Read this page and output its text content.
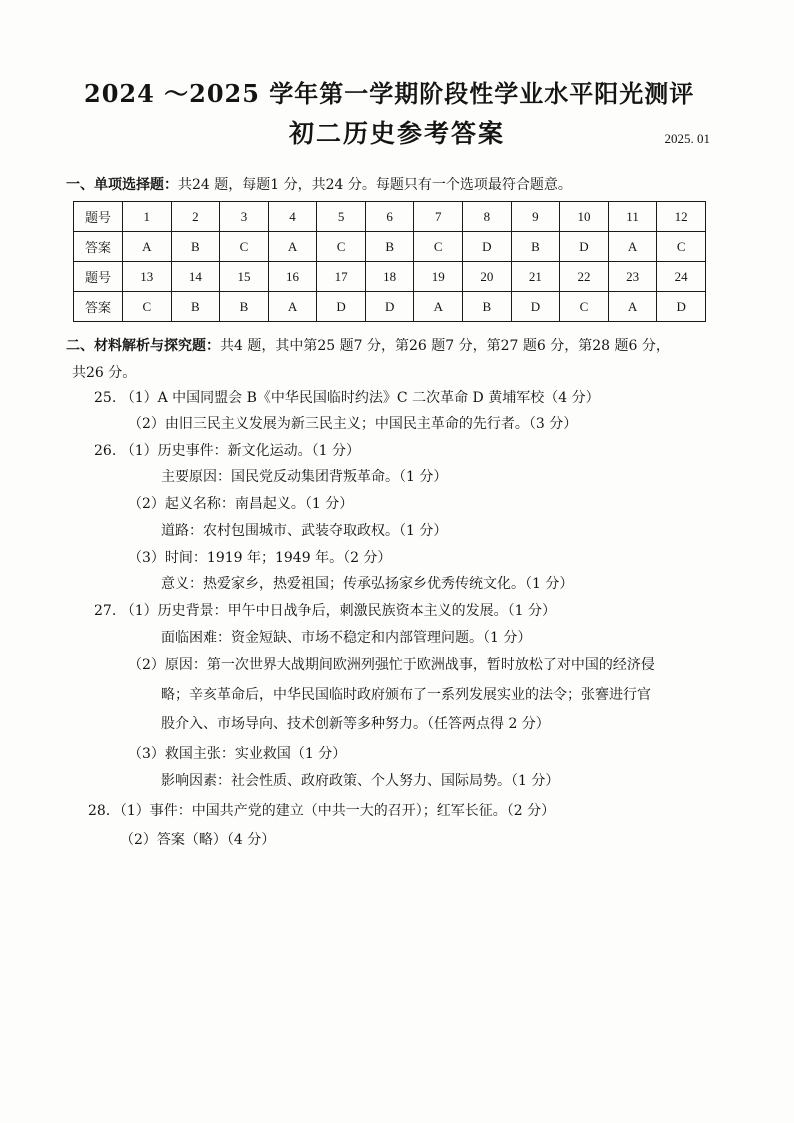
2024 ～2025 学年第一学期阶段性学业水平阳光测评
初二历史参考答案	2025. 01
一、单项选择题：共24 题，每题1 分，共24 分。每题只有一个选项最符合题意。
题号	1	2	3	4	5	6	7	8	9	10	11	12
答案	A	B	C	A	C	B	C	D	B	D	A	C
题号	13	14	15	16	17	18	19	20	21	22	23	24
答案	C	B	B	A	D	D	A	B	D	C	A	D
二、材料解析与探究题：共4 题，其中第25 题7 分，第26 题7 分，第27 题6 分，第28 题6 分，
共26 分。
25. （1）A 中国同盟会 B《中华民国临时约法》C 二次革命 D 黄埔军校（4 分）
（2）由旧三民主义发展为新三民主义；中国民主革命的先行者。（3 分）
26. （1）历史事件：新文化运动。（1 分）
主要原因：国民党反动集团背叛革命。（1 分）
（2）起义名称：南昌起义。（1 分）
道路：农村包围城市、武装夺取政权。（1 分）
（3）时间：1919 年；1949 年。（2 分）
意义：热爱家乡，热爱祖国；传承弘扬家乡优秀传统文化。（1 分）
27. （1）历史背景：甲午中日战争后，刺激民族资本主义的发展。（1 分）
面临困难：资金短缺、市场不稳定和内部管理问题。（1 分）
（2）原因：第一次世界大战期间欧洲列强忙于欧洲战事，暂时放松了对中国的经济侵
略；辛亥革命后，中华民国临时政府颁布了一系列发展实业的法令；张謇进行官
股介入、市场导向、技术创新等多种努力。（任答两点得 2 分）
（3）救国主张：实业救国（1 分）
影响因素：社会性质、政府政策、个人努力、国际局势。（1 分）
28．（1）事件：中国共产党的建立（中共一大的召开）；红军长征。（2 分）
（2）答案（略）（4 分）
